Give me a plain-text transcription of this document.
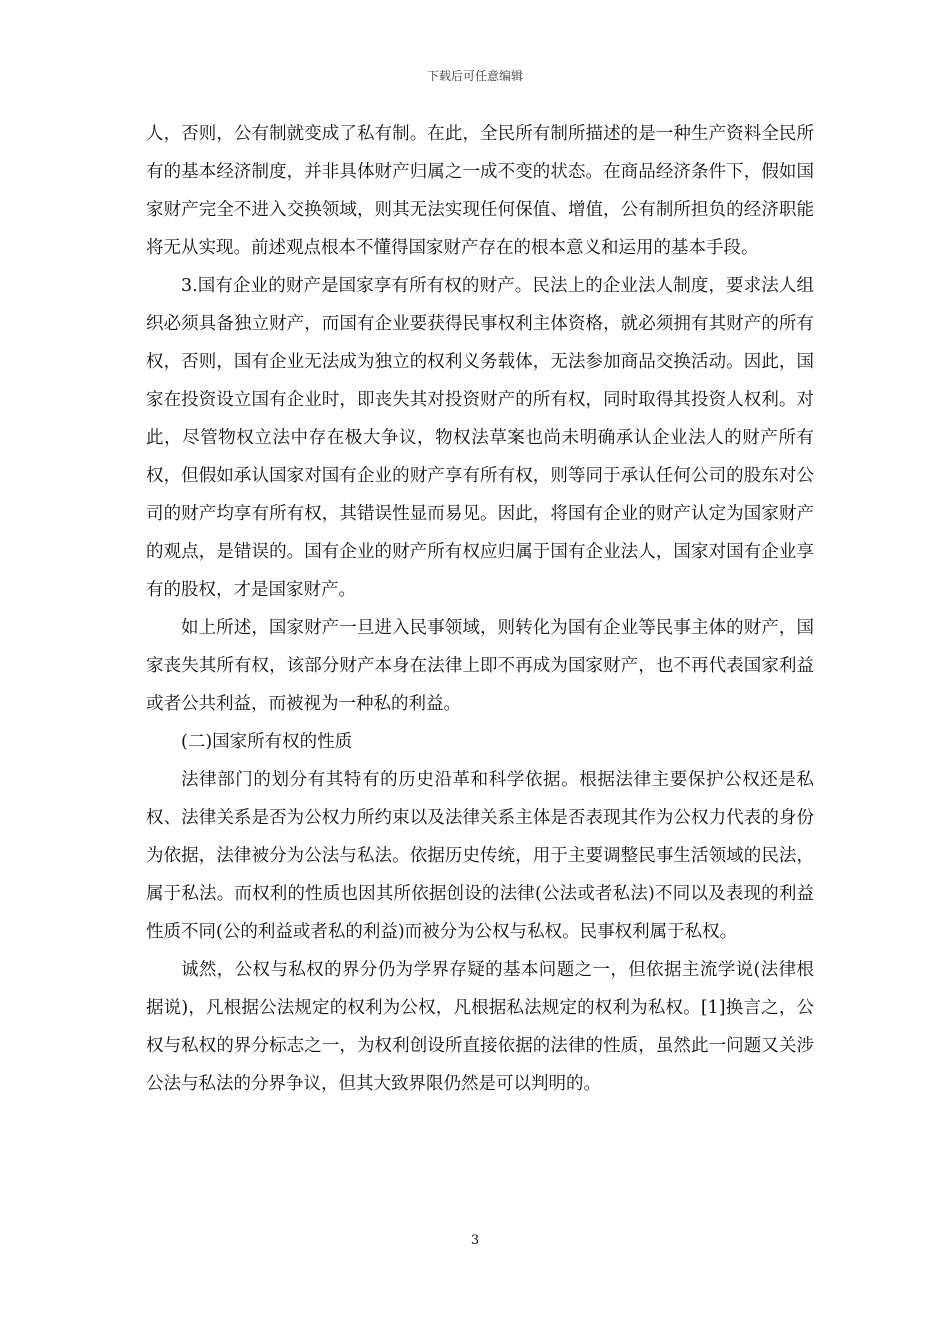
下载后可任意编辑

人，否则，公有制就变成了私有制。在此，全民所有制所描述的是一种生产资料全民所有的基本经济制度，并非具体财产归属之一成不变的状态。在商品经济条件下，假如国家财产完全不进入交换领域，则其无法实现任何保值、增值，公有制所担负的经济职能将无从实现。前述观点根本不懂得国家财产存在的根本意义和运用的基本手段。

3.国有企业的财产是国家享有所有权的财产。民法上的企业法人制度，要求法人组织必须具备独立财产，而国有企业要获得民事权利主体资格，就必须拥有其财产的所有权，否则，国有企业无法成为独立的权利义务载体，无法参加商品交换活动。因此，国家在投资设立国有企业时，即丧失其对投资财产的所有权，同时取得其投资人权利。对此，尽管物权立法中存在极大争议，物权法草案也尚未明确承认企业法人的财产所有权，但假如承认国家对国有企业的财产享有所有权，则等同于承认任何公司的股东对公司的财产均享有所有权，其错误性显而易见。因此，将国有企业的财产认定为国家财产的观点，是错误的。国有企业的财产所有权应归属于国有企业法人，国家对国有企业享有的股权，才是国家财产。

如上所述，国家财产一旦进入民事领域，则转化为国有企业等民事主体的财产，国家丧失其所有权，该部分财产本身在法律上即不再成为国家财产，也不再代表国家利益或者公共利益，而被视为一种私的利益。

(二)国家所有权的性质

法律部门的划分有其特有的历史沿革和科学依据。根据法律主要保护公权还是私权、法律关系是否为公权力所约束以及法律关系主体是否表现其作为公权力代表的身份为依据，法律被分为公法与私法。依据历史传统，用于主要调整民事生活领域的民法，属于私法。而权利的性质也因其所依据创设的法律(公法或者私法)不同以及表现的利益性质不同(公的利益或者私的利益)而被分为公权与私权。民事权利属于私权。

诚然，公权与私权的界分仍为学界存疑的基本问题之一，但依据主流学说(法律根据说)，凡根据公法规定的权利为公权，凡根据私法规定的权利为私权。[1]换言之，公权与私权的界分标志之一，为权利创设所直接依据的法律的性质，虽然此一问题又关涉公法与私法的分界争议，但其大致界限仍然是可以判明的。

3
